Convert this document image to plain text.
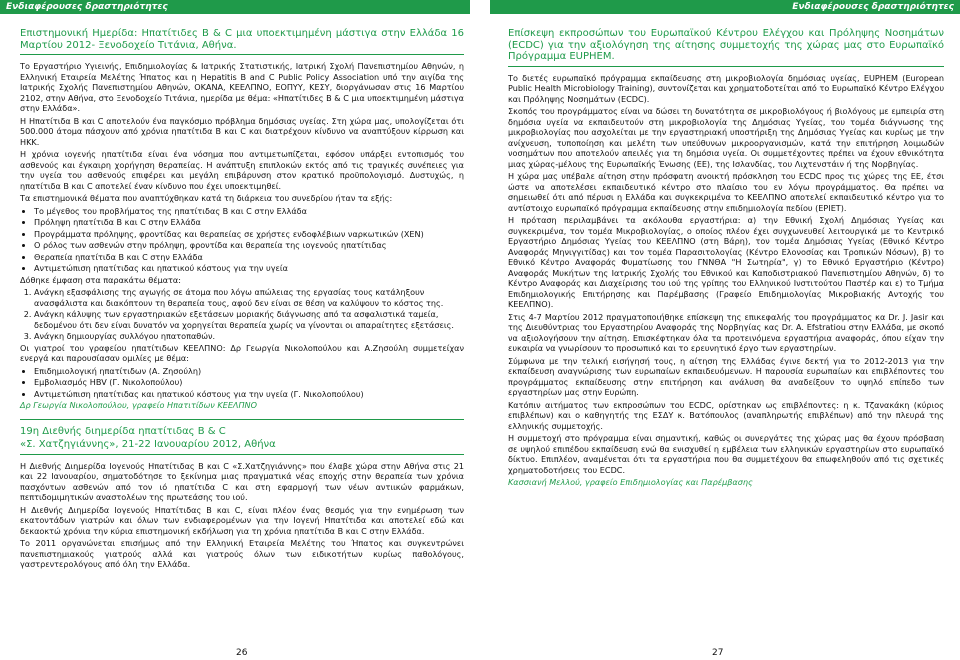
Ενδιαφέρουσες δραστηριότητες	Ενδιαφέρουσες δραστηριότητες

Επιστημονική Ημερίδα: Ηπατίτιδες B & C μια υποεκτιμημένη μάστιγα στην Ελλάδα 16 Μαρτίου 2012- Ξενοδοχείο Τιτάνια, Αθήνα.

Το Εργαστήριο Υγιεινής, Επιδημιολογίας & Ιατρικής Στατιστικής, Ιατρική Σχολή Πανεπιστημίου Αθηνών, η Ελληνική Εταιρεία Μελέτης Ήπατος και η Hepatitis B and C Public Policy Association υπό την αιγίδα της Ιατρικής Σχολής Πανεπιστημίου Αθηνών, ΟΚΑΝΑ, ΚΕΕΛΠΝΟ, ΕΟΠΥΥ, ΚΕΣΥ, διοργάνωσαν στις 16 Μαρτίου 2102, στην Αθήνα, στο Ξενοδοχείο Τιτάνια, ημερίδα με θέμα: «Ηπατίτιδες B & C μια υποεκτιμημένη μάστιγα στην Ελλάδα».

Η Ηπατίτιδα B και C αποτελούν ένα παγκόσμιο πρόβλημα δημόσιας υγείας. Στη χώρα μας, υπολογίζεται ότι 500.000 άτομα πάσχουν από χρόνια ηπατίτιδα B και C και διατρέχουν κίνδυνο να αναπτύξουν κίρρωση και ΗΚΚ.

Η χρόνια ιογενής ηπατίτιδα είναι ένα νόσημα που αντιμετωπίζεται, εφόσον υπάρξει εντοπισμός του ασθενούς και έγκαιρη χορήγηση θεραπείας. Η ανάπτυξη επιπλοκών εκτός από τις τραγικές συνέπειες για την υγεία του ασθενούς επιφέρει και μεγάλη επιβάρυνση στον κρατικό προϋπολογισμό. Δυστυχώς, η ηπατίτιδα B και C αποτελεί έναν κίνδυνο που έχει υποεκτιμηθεί.

Τα επιστημονικά θέματα που αναπτύχθηκαν κατά τη διάρκεια του συνεδρίου ήταν τα εξής:

• Το μέγεθος του προβλήματος της ηπατίτιδας B και C στην Ελλάδα
• Πρόληψη ηπατίτιδα B και C στην Ελλάδα
• Προγράμματα πρόληψης, φροντίδας και θεραπείας σε χρήστες ενδοφλέβιων ναρκωτικών (ΧΕΝ)
• Ο ρόλος των ασθενών στην πρόληψη, φροντίδα και θεραπεία της ιογενούς ηπατίτιδας
• Θεραπεία ηπατίτιδα B και C στην Ελλάδα
• Αντιμετώπιση ηπατίτιδας και ηπατικού κόστους για την υγεία

Δόθηκε έμφαση στα παρακάτω θέματα:

1. Ανάγκη εξασφάλισης της αγωγής σε άτομα που λόγω απώλειας της εργασίας τους κατάληξουν ανασφάλιστα και διακόπτουν τη θεραπεία τους, αφού δεν είναι σε θέση να καλύψουν το κόστος της.
2. Ανάγκη κάλυψης των εργαστηριακών εξετάσεων μοριακής διάγνωσης από τα ασφαλιστικά ταμεία, δεδομένου ότι δεν είναι δυνατόν να χορηγείται θεραπεία χωρίς να γίνονται οι απαραίτητες εξετάσεις.
3. Ανάγκη δημιουργίας συλλόγου ηπατοπαθών.

Οι γιατροί του γραφείου ηπατίτιδων ΚΕΕΛΠΝΟ: Δρ Γεωργία Νικολοπούλου και Α.Ζησούλη συμμετείχαν ενεργά και παρουσίασαν ομιλίες με θέμα:

• Επιδημιολογική ηπατίτιδων (Α. Ζησούλη)
• Εμβολιασμός HBV (Γ. Νικολοπούλου)
• Αντιμετώπιση ηπατίτιδας και ηπατικού κόστους για την υγεία (Γ. Νικολοπούλου)

Δρ Γεωργία Νικολοπούλου, γραφείο Ηπατιτίδων ΚΕΕΛΠΝΟ

19η Διεθνής διημερίδα ηπατίτιδας B & C

«Σ. Χατζηγιάννης», 21-22 Ιανουαρίου 2012, Αθήνα

Η Διεθνής Διημερίδα Ιογενούς Ηπατίτιδας B και C «Σ.Χατζηγιάννης» που έλαβε χώρα στην Αθήνα στις 21 και 22 Ιανουαρίου, σηματοδότησε το ξεκίνημα μιας πραγματικά νέας εποχής στην θεραπεία των χρόνια πασχόντων ασθενών από τον ιό ηπατίτιδα C και στη εφαρμογή των νέων αντιικών φαρμάκων, πεπτιδομιμητικών αναστολέων της πρωτεάσης του ιού.

Η Διεθνής Διημερίδα Ιογενούς Ηπατίτιδας B και C, είναι πλέον ένας θεσμός για την ενημέρωση των εκατοντάδων γιατρών και όλων των ενδιαφερομένων για την Ιογενή Ηπατίτιδα και αποτελεί εδώ και δεκαοκτώ χρόνια την κύρια επιστημονική εκδήλωση για τη χρόνια ηπατίτιδα B και C στην Ελλάδα.

Το 2011 οργανώνεται επισήμως από την Ελληνική Εταιρεία Μελέτης του Ήπατος και συγκεντρώνει πανεπιστημιακούς γιατρούς αλλά και γιατρούς όλων των ειδικοτήτων κυρίως παθολόγους, γαστρεντερολόγους από όλη την Ελλάδα.

Επίσκεψη εκπροσώπων του Ευρωπαϊκού Κέντρου Ελέγχου και Πρόληψης Νοσημάτων (ECDC) για την αξιολόγηση της αίτησης συμμετοχής της χώρας μας στο Ευρωπαϊκό Πρόγραμμα EUPHEM.

Το διετές ευρωπαϊκό πρόγραμμα εκπαίδευσης στη μικροβιολογία δημόσιας υγείας, EUPHEM (European Public Health Microbiology Training), συντονίζεται και χρηματοδοτείται από το Ευρωπαϊκό Κέντρο Ελέγχου και Πρόληψης Νοσημάτων (ECDC).

Σκοπός του προγράμματος είναι να δώσει τη δυνατότητα σε μικροβιολόγους ή βιολόγους με εμπειρία στη δημόσια υγεία να εκπαιδευτούν στη μικροβιολογία της Δημόσιας Υγείας, του τομέα διάγνωσης της μικροβιολογίας που ασχολείται με την εργαστηριακή υποστήριξη της Δημόσιας Υγείας και κυρίως με την ανίχνευση, τυποποίηση και μελέτη των υπεύθυνων μικροοργανισμών, κατά την επιτήρηση λοιμωδών νοσημάτων που αποτελούν απειλές για τη δημόσια υγεία. Οι συμμετέχοντες πρέπει να έχουν εθνικότητα μιας χώρας-μέλους της Ευρωπαϊκής Ένωσης (ΕΕ), της Ισλανδίας, του Λιχτενστάιν ή της Νορβηγίας.

Η χώρα μας υπέβαλε αίτηση στην πρόσφατη ανοικτή πρόσκληση του ECDC προς τις χώρες της ΕΕ, έτσι ώστε να αποτελέσει εκπαιδευτικό κέντρο στο πλαίσιο του εν λόγω προγράμματος. Θα πρέπει να σημειωθεί ότι από πέρυσι η Ελλάδα και συγκεκριμένα το ΚΕΕΛΠΝΟ αποτελεί εκπαιδευτικό κέντρο για το αντίστοιχο ευρωπαϊκό πρόγραμμα εκπαίδευσης στην επιδημιολογία πεδίου (EPIET).

Η πρόταση περιλαμβάνει τα ακόλουθα εργαστήρια: α) την Εθνική Σχολή Δημόσιας Υγείας και συγκεκριμένα, τον τομέα Μικροβιολογίας, ο οποίος πλέον έχει συγχωνευθεί λειτουργικά με το Κεντρικό Εργαστήριο Δημόσιας Υγείας του ΚΕΕΛΠΝΟ (στη Βάρη), τον τομέα Δημόσιας Υγείας (Εθνικό Κέντρο Αναφοράς Μηνιγγιτίδας) και τον τομέα Παρασιτολογίας (Κέντρο Ελονοσίας και Τροπικών Νόσων), β) το Εθνικό Κέντρο Αναφοράς Φυματίωσης του ΓΝΝΘΑ "Η Σωτηρία", γ) το Εθνικό Εργαστήριο (Κέντρο) Αναφοράς Μυκήτων της Ιατρικής Σχολής του Εθνικού και Καποδιστριακού Πανεπιστημίου Αθηνών, δ) το Κέντρο Αναφοράς και Διαχείρισης του ιού της γρίπης του Ελληνικού Ινστιτούτου Παστέρ και ε) το Τμήμα Επιδημιολογικής Επιτήρησης και Παρέμβασης (Γραφείο Επιδημιολογίας Μικροβιακής Αντοχής του ΚΕΕΛΠΝΟ).

Στις 4-7 Μαρτίου 2012 πραγματοποιήθηκε επίσκεψη της επικεφαλής του προγράμματος κα Dr. J. Jasir και της Διευθύντριας του Εργαστηρίου Αναφοράς της Νορβηγίας κας Dr. A. Efstratiou στην Ελλάδα, με σκοπό να αξιολογήσουν την αίτηση. Επισκέφτηκαν όλα τα προτεινόμενα εργαστήρια αναφοράς, όπου είχαν την ευκαιρία να γνωρίσουν το προσωπικό και το ερευνητικό έργο των εργαστηρίων.

Σύμφωνα με την τελική εισήγησή τους, η αίτηση της Ελλάδας έγινε δεκτή για το 2012-2013 για την εκπαίδευση αναγνώρισης των ευρωπαίων εκπαιδευόμενων. Η παρουσία ευρωπαίων και επιβλέποντες του προγράμματος εκπαίδευσης στην επιτήρηση και ανάλυση θα αναδείξουν το υψηλό επίπεδο των εργαστηρίων μας στην Ευρώπη.

Κατόπιν αιτήματος των εκπροσώπων του ECDC, ορίστηκαν ως επιβλέποντες: η κ. Τζανακάκη (κύριος επιβλέπων) και ο καθηγητής της ΕΣΔΥ κ. Βατόπουλος (αναπληρωτής επιβλέπων) από την πλευρά της ελληνικής συμμετοχής.

Η συμμετοχή στο πρόγραμμα είναι σημαντική, καθώς οι συνεργάτες της χώρας μας θα έχουν πρόσβαση σε υψηλού επιπέδου εκπαίδευση ενώ θα ενισχυθεί η εμβέλεια των ελληνικών εργαστηρίων στο ευρωπαϊκό δίκτυο. Επιπλέον, αναμένεται ότι τα εργαστήρια που θα συμμετέχουν θα επωφεληθούν από τις σχετικές χρηματοδοτήσεις του ECDC.

Κασσιανή Μελλού, γραφείο Επιδημιολογίας και Παρέμβασης

26	27
